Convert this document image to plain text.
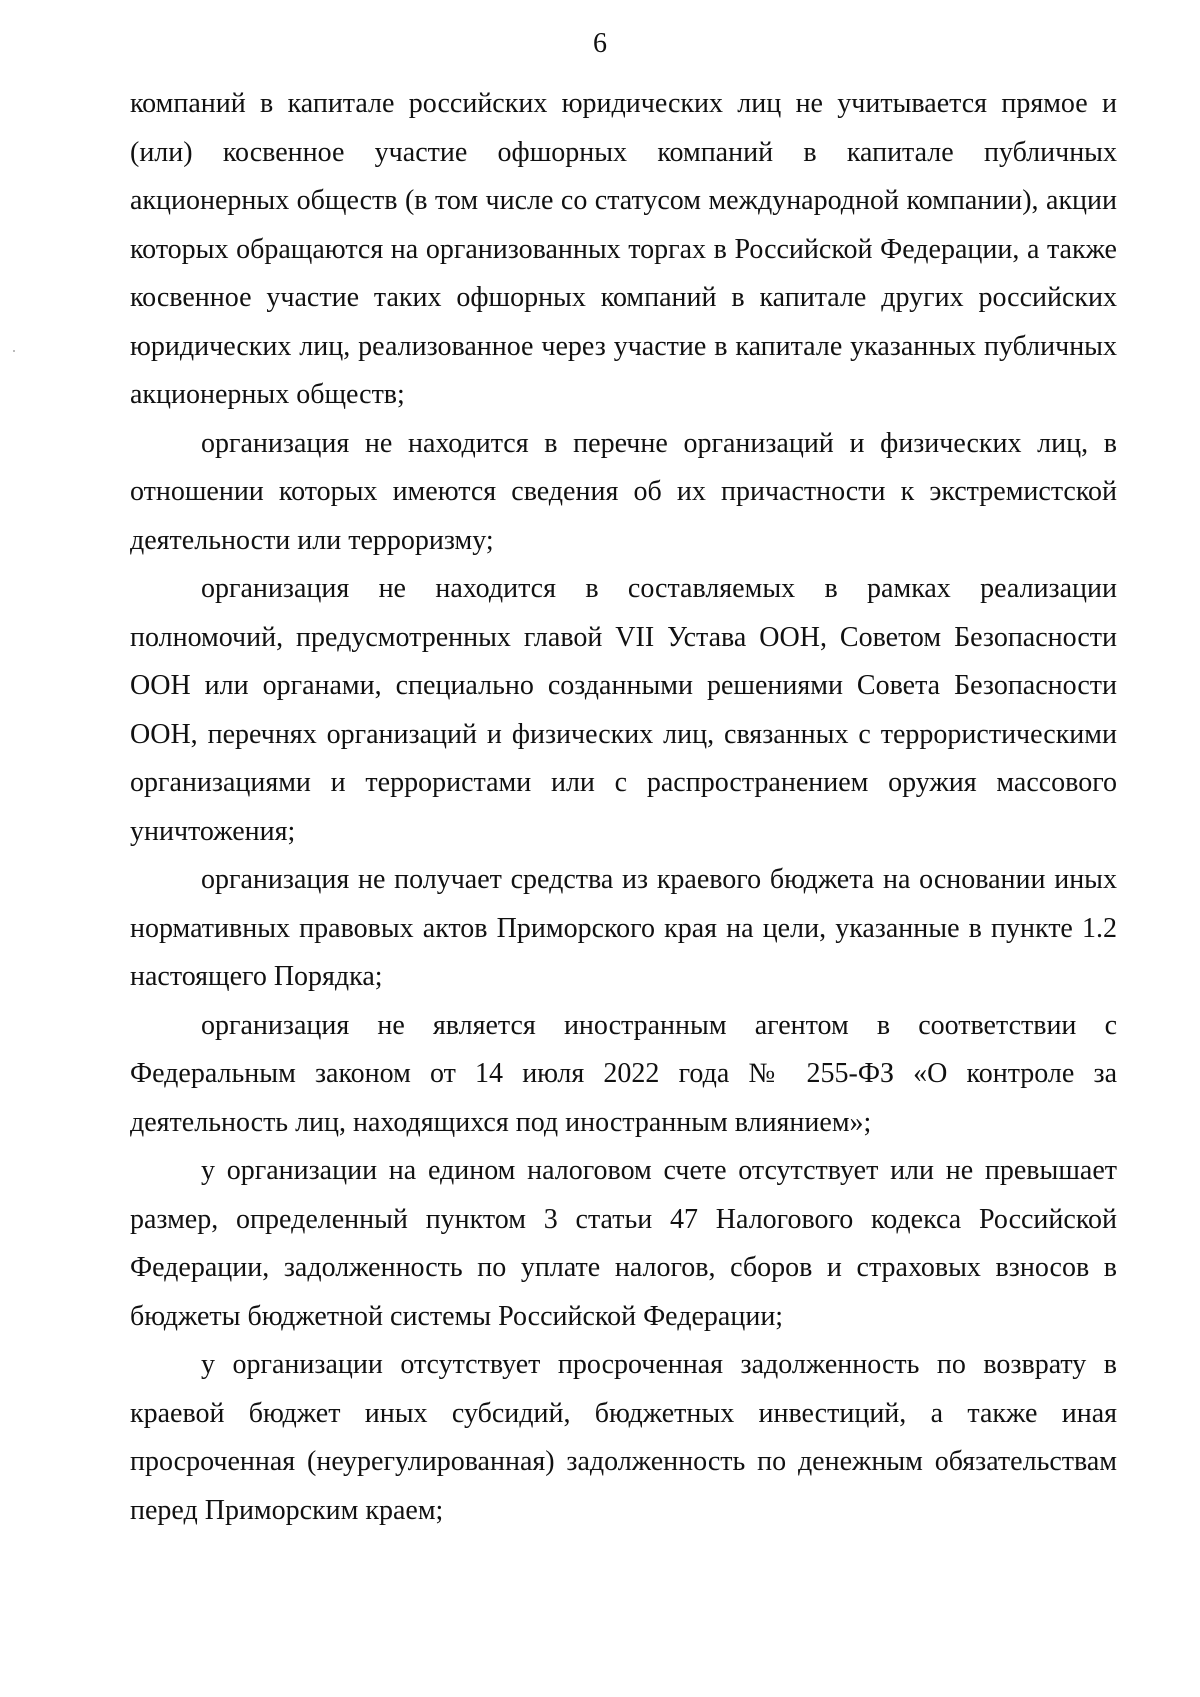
6

компаний в капитале российских юридических лиц не учитывается прямое и (или) косвенное участие офшорных компаний в капитале публичных акционерных обществ (в том числе со статусом международной компании), акции которых обращаются на организованных торгах в Российской Федерации, а также косвенное участие таких офшорных компаний в капитале других российских юридических лиц, реализованное через участие в капитале указанных публичных акционерных обществ;

организация не находится в перечне организаций и физических лиц, в отношении которых имеются сведения об их причастности к экстремистской деятельности или терроризму;

организация не находится в составляемых в рамках реализации полномочий, предусмотренных главой VII Устава ООН, Советом Безопасности ООН или органами, специально созданными решениями Совета Безопасности ООН, перечнях организаций и физических лиц, связанных с террористическими организациями и террористами или с распространением оружия массового уничтожения;

организация не получает средства из краевого бюджета на основании иных нормативных правовых актов Приморского края на цели, указанные в пункте 1.2 настоящего Порядка;

организация не является иностранным агентом в соответствии с Федеральным законом от 14 июля 2022 года № 255-ФЗ «О контроле за деятельность лиц, находящихся под иностранным влиянием»;

у организации на едином налоговом счете отсутствует или не превышает размер, определенный пунктом 3 статьи 47 Налогового кодекса Российской Федерации, задолженность по уплате налогов, сборов и страховых взносов в бюджеты бюджетной системы Российской Федерации;

у организации отсутствует просроченная задолженность по возврату в краевой бюджет иных субсидий, бюджетных инвестиций, а также иная просроченная (неурегулированная) задолженность по денежным обязательствам перед Приморским краем;
